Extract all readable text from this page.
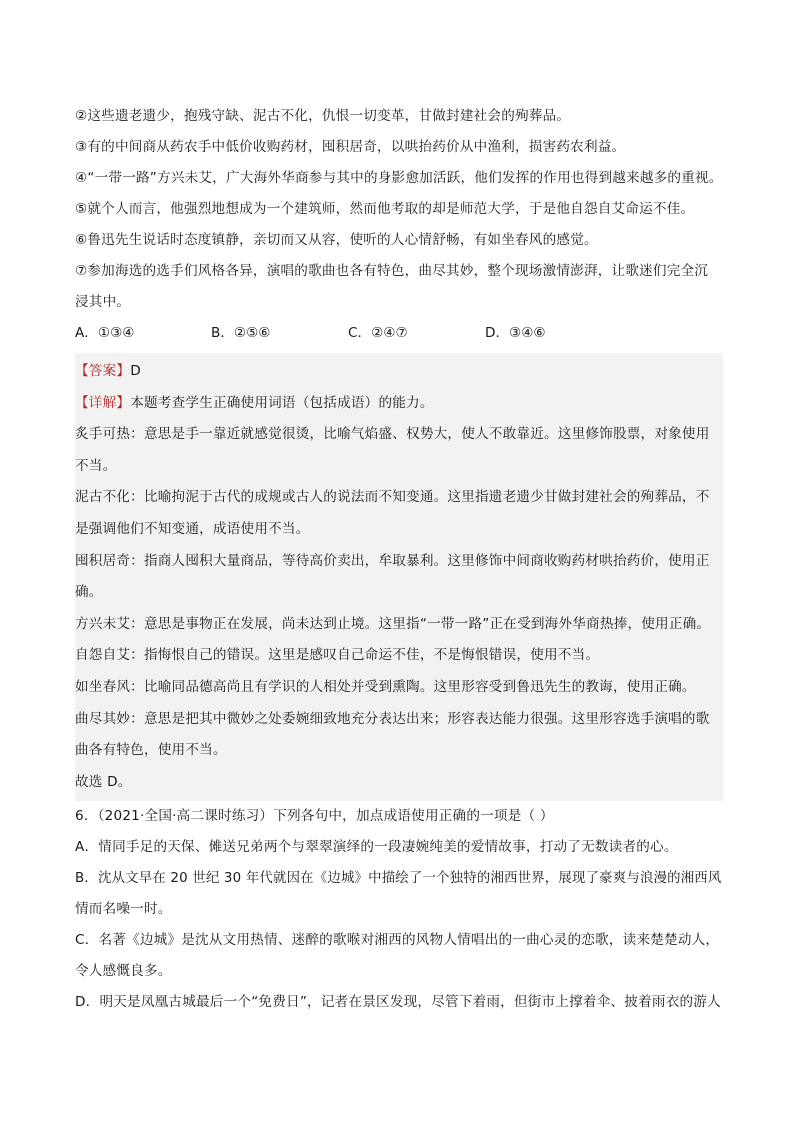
②这些遗老遗少，抱残守缺、泥古不化，仇恨一切变革，甘做封建社会的殉葬品。

③有的中间商从药农手中低价收购药材，囤积居奇，以哄抬药价从中渔利，损害药农利益。

④“一带一路”方兴未艾，广大海外华商参与其中的身影愈加活跃，他们发挥的作用也得到越来越多的重视。

⑤就个人而言，他强烈地想成为一个建筑师，然而他考取的却是师范大学，于是他自怨自艾命运不佳。

⑥鲁迅先生说话时态度镇静，亲切而又从容，使听的人心情舒畅，有如坐春风的感觉。

⑦参加海选的选手们风格各异，演唱的歌曲也各有特色，曲尽其妙，整个现场激情澎湃，让歌迷们完全沉

浸其中。

A．①③④	B．②⑤⑥	C．②④⑦	D．③④⑥

【答案】D

【详解】本题考查学生正确使用词语（包括成语）的能力。

炙手可热：意思是手一靠近就感觉很烫，比喻气焰盛、权势大，使人不敢靠近。这里修饰股票，对象使用

不当。

泥古不化：比喻拘泥于古代的成规或古人的说法而不知变通。这里指遗老遗少甘做封建社会的殉葬品，不

是强调他们不知变通，成语使用不当。

囤积居奇：指商人囤积大量商品，等待高价卖出，牟取暴利。这里修饰中间商收购药材哄抬药价，使用正

确。

方兴未艾：意思是事物正在发展，尚未达到止境。这里指“一带一路”正在受到海外华商热捧，使用正确。

自怨自艾：指悔恨自己的错误。这里是感叹自己命运不佳，不是悔恨错误，使用不当。

如坐春风：比喻同品德高尚且有学识的人相处并受到熏陶。这里形容受到鲁迅先生的教诲，使用正确。

曲尽其妙：意思是把其中微妙之处委婉细致地充分表达出来；形容表达能力很强。这里形容选手演唱的歌

曲各有特色，使用不当。

故选 D。

6．（2021·全国·高二课时练习）下列各句中，加点成语使用正确的一项是（ ）

A．情同手足的天保、傩送兄弟两个与翠翠演绎的一段凄婉纯美的爱情故事，打动了无数读者的心。

B．沈从文早在 20 世纪 30 年代就因在《边城》中描绘了一个独特的湘西世界，展现了豪爽与浪漫的湘西风

情而名噪一时。

C．名著《边城》是沈从文用热情、迷醉的歌喉对湘西的风物人情唱出的一曲心灵的恋歌，读来楚楚动人，

令人感慨良多。

D．明天是凤凰古城最后一个“免费日”，记者在景区发现，尽管下着雨，但街市上撑着伞、披着雨衣的游人
